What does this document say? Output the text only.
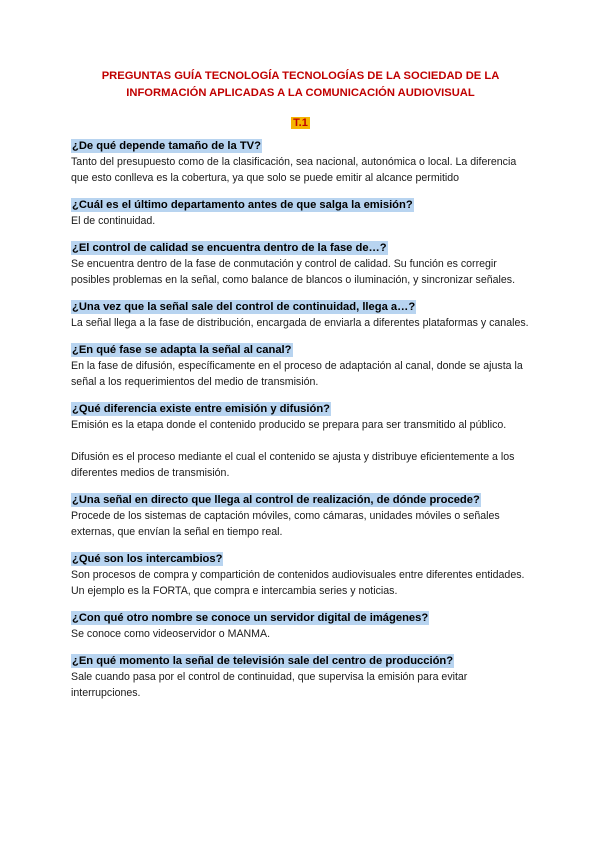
PREGUNTAS GUÍA TECNOLOGÍA TECNOLOGÍAS DE LA SOCIEDAD DE LA
INFORMACIÓN APLICADAS A LA COMUNICACIÓN AUDIOVISUAL
T.1
¿De qué depende tamaño de la TV?

Tanto del presupuesto como de la clasificación, sea nacional, autonómica o local. La diferencia que esto conlleva es la cobertura, ya que solo se puede emitir al alcance permitido

¿Cuál es el último departamento antes de que salga la emisión?

El de continuidad.

¿El control de calidad se encuentra dentro de la fase de…?

Se encuentra dentro de la fase de conmutación y control de calidad. Su función es corregir posibles problemas en la señal, como balance de blancos o iluminación, y sincronizar señales.

¿Una vez que la señal sale del control de continuidad, llega a…?

La señal llega a la fase de distribución, encargada de enviarla a diferentes plataformas y canales.

¿En qué fase se adapta la señal al canal?

En la fase de difusión, específicamente en el proceso de adaptación al canal, donde se ajusta la señal a los requerimientos del medio de transmisión.

¿Qué diferencia existe entre emisión y difusión?

Emisión es la etapa donde el contenido producido se prepara para ser transmitido al público.

Difusión es el proceso mediante el cual el contenido se ajusta y distribuye eficientemente a los diferentes medios de transmisión.

¿Una señal en directo que llega al control de realización, de dónde procede?

Procede de los sistemas de captación móviles, como cámaras, unidades móviles o señales externas, que envían la señal en tiempo real.

¿Qué son los intercambios?

Son procesos de compra y compartición de contenidos audiovisuales entre diferentes entidades. Un ejemplo es la FORTA, que compra e intercambia series y noticias.

¿Con qué otro nombre se conoce un servidor digital de imágenes?

Se conoce como videoservidor o MANMA.

¿En qué momento la señal de televisión sale del centro de producción?

Sale cuando pasa por el control de continuidad, que supervisa la emisión para evitar interrupciones.
